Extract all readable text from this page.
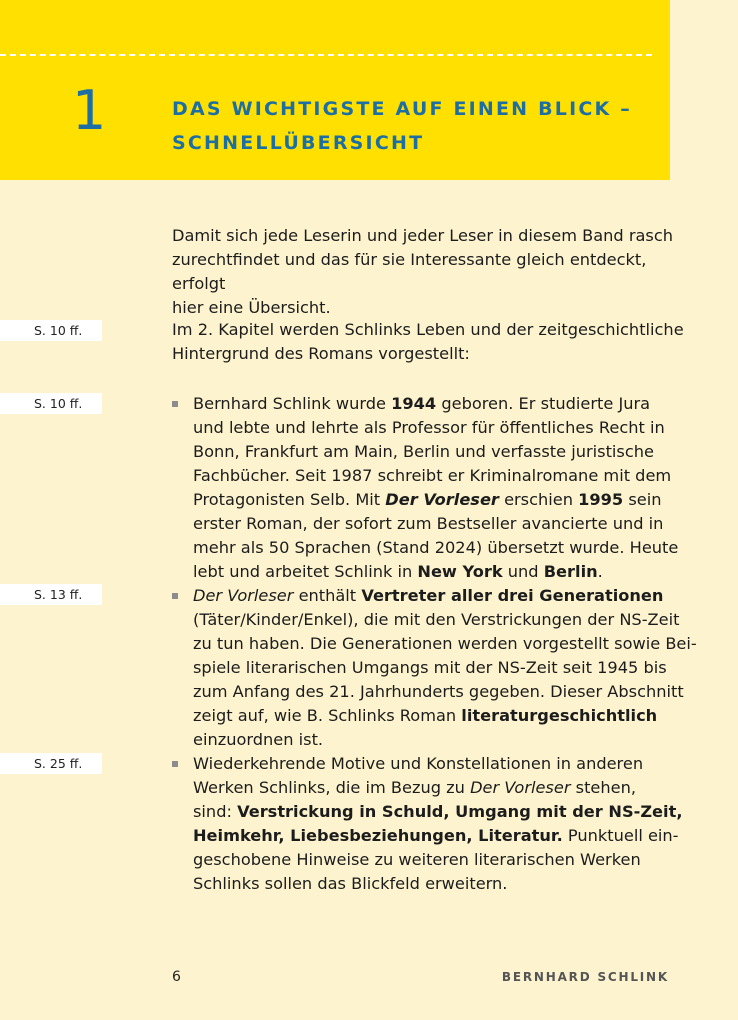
1	DAS WICHTIGSTE AUF EINEN BLICK –
SCHNELLÜBERSICHT
Damit sich jede Leserin und jeder Leser in diesem Band rasch
zurechtfindet und das für sie Interessante gleich entdeckt, erfolgt
hier eine Übersicht.
Im 2. Kapitel werden Schlinks Leben und der zeitgeschichtliche
Hintergrund des Romans vorgestellt:
S. 10 ff.
S. 10 ff.
S. 13 ff.
S. 25 ff.
Bernhard Schlink wurde 1944 geboren. Er studierte Jura
und lebte und lehrte als Professor für öffentliches Recht in
Bonn, Frankfurt am Main, Berlin und verfasste juristische
Fachbücher. Seit 1987 schreibt er Kriminalromane mit dem
Protagonisten Selb. Mit Der Vorleser erschien 1995 sein
erster Roman, der sofort zum Bestseller avancierte und in
mehr als 50 Sprachen (Stand 2024) übersetzt wurde. Heute
lebt und arbeitet Schlink in New York und Berlin.
Der Vorleser enthält Vertreter aller drei Generationen
(Täter/Kinder/Enkel), die mit den Verstrickungen der NS-Zeit
zu tun haben. Die Generationen werden vorgestellt sowie Bei-
spiele literarischen Umgangs mit der NS-Zeit seit 1945 bis
zum Anfang des 21. Jahrhunderts gegeben. Dieser Abschnitt
zeigt auf, wie B. Schlinks Roman literaturgeschichtlich
einzuordnen ist.
Wiederkehrende Motive und Konstellationen in anderen
Werken Schlinks, die im Bezug zu Der Vorleser stehen,
sind: Verstrickung in Schuld, Umgang mit der NS-Zeit,
Heimkehr, Liebesbeziehungen, Literatur. Punktuell ein-
geschobene Hinweise zu weiteren literarischen Werken
Schlinks sollen das Blickfeld erweitern.
6	BERNHARD SCHLINK
